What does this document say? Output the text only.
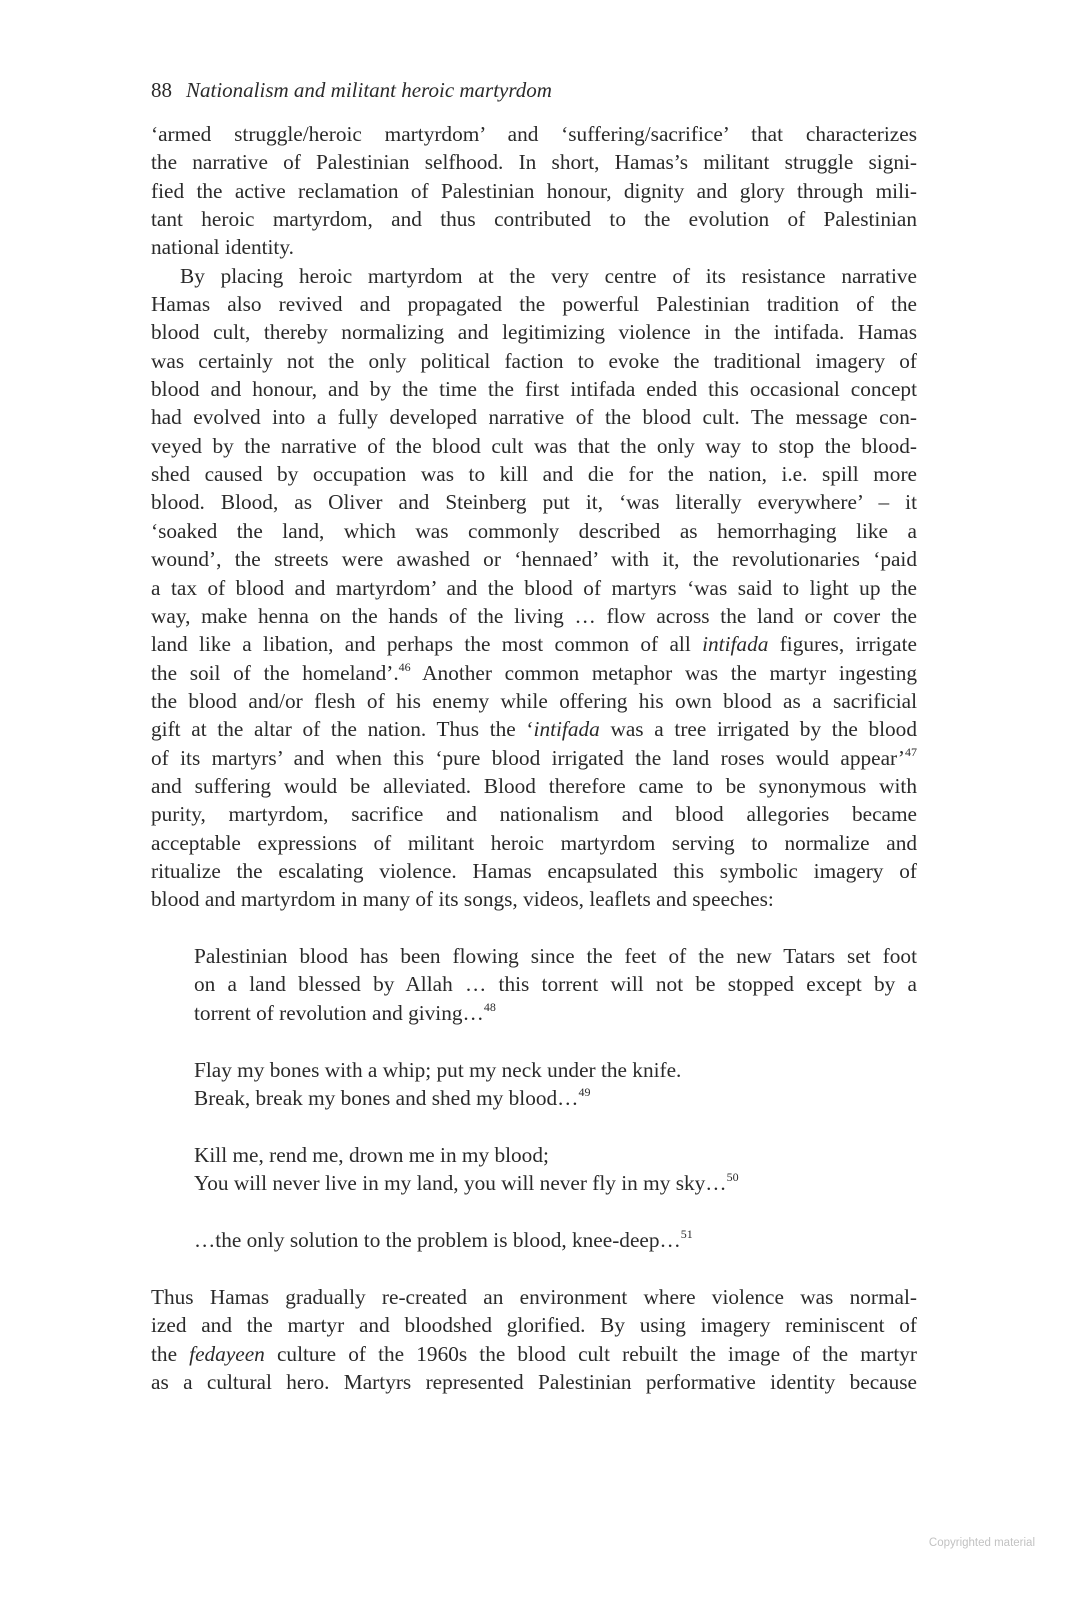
88 Nationalism and militant heroic martyrdom
‘armed struggle/heroic martyrdom’ and ‘suffering/sacrifice’ that characterizes
the narrative of Palestinian selfhood. In short, Hamas’s militant struggle signi-
fied the active reclamation of Palestinian honour, dignity and glory through mili-
tant heroic martyrdom, and thus contributed to the evolution of Palestinian
national identity.
By placing heroic martyrdom at the very centre of its resistance narrative
Hamas also revived and propagated the powerful Palestinian tradition of the
blood cult, thereby normalizing and legitimizing violence in the intifada. Hamas
was certainly not the only political faction to evoke the traditional imagery of
blood and honour, and by the time the first intifada ended this occasional concept
had evolved into a fully developed narrative of the blood cult. The message con-
veyed by the narrative of the blood cult was that the only way to stop the blood-
shed caused by occupation was to kill and die for the nation, i.e. spill more
blood. Blood, as Oliver and Steinberg put it, ‘was literally everywhere’ – it
‘soaked the land, which was commonly described as hemorrhaging like a
wound’, the streets were awashed or ‘hennaed’ with it, the revolutionaries ‘paid
a tax of blood and martyrdom’ and the blood of martyrs ‘was said to light up the
way, make henna on the hands of the living … flow across the land or cover the
land like a libation, and perhaps the most common of all intifada figures, irrigate
the soil of the homeland’.$^{46}$ Another common metaphor was the martyr ingesting
the blood and/or flesh of his enemy while offering his own blood as a sacrificial
gift at the altar of the nation. Thus the ‘intifada was a tree irrigated by the blood
of its martyrs’ and when this ‘pure blood irrigated the land roses would appear’$^{47}$
and suffering would be alleviated. Blood therefore came to be synonymous with
purity, martyrdom, sacrifice and nationalism and blood allegories became
acceptable expressions of militant heroic martyrdom serving to normalize and
ritualize the escalating violence. Hamas encapsulated this symbolic imagery of
blood and martyrdom in many of its songs, videos, leaflets and speeches:
Palestinian blood has been flowing since the feet of the new Tatars set foot
on a land blessed by Allah … this torrent will not be stopped except by a
torrent of revolution and giving…$^{48}$
Flay my bones with a whip; put my neck under the knife.
Break, break my bones and shed my blood…$^{49}$
Kill me, rend me, drown me in my blood;
You will never live in my land, you will never fly in my sky…$^{50}$
…the only solution to the problem is blood, knee-deep…$^{51}$
Thus Hamas gradually re-created an environment where violence was normal-
ized and the martyr and bloodshed glorified. By using imagery reminiscent of
the fedayeen culture of the 1960s the blood cult rebuilt the image of the martyr
as a cultural hero. Martyrs represented Palestinian performative identity because
Copyrighted material
